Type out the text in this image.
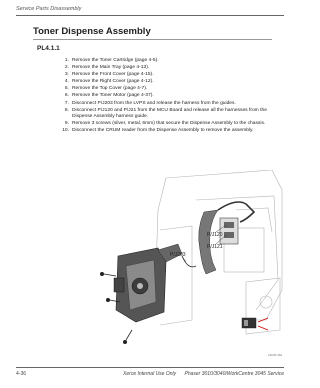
Service Parts Disassembly
Toner Dispense Assembly
PL4.1.1
1. Remove the Toner Cartridge (page 4-5).
2. Remove the Main Tray (page 4-13).
3. Remove the Front Cover (page 4-15).
4. Remove the Right Cover (page 4-12).
5. Remove the Top Cover (page 4-7).
6. Remove the Toner Motor (page 4-37).
7. Disconnect P/J203 from the LVPS and release the harness from the guides.
8. Disconnect P/J120 and P/J21 from the MCU Board and release all the harnesses from the Dispense Assembly harness guide.
9. Remove 3 screws (silver, metal, 6mm) that secure the Dispense Assembly to the chassis.
10. Disconnect the CRUM reader from the Dispense Assembly to remove the assembly.
P/J120
P/J121
P/J203
s3045-462
4-36	Xerox Internal Use Only Phaser 3010/3040/WorkCentre 3045 Service
